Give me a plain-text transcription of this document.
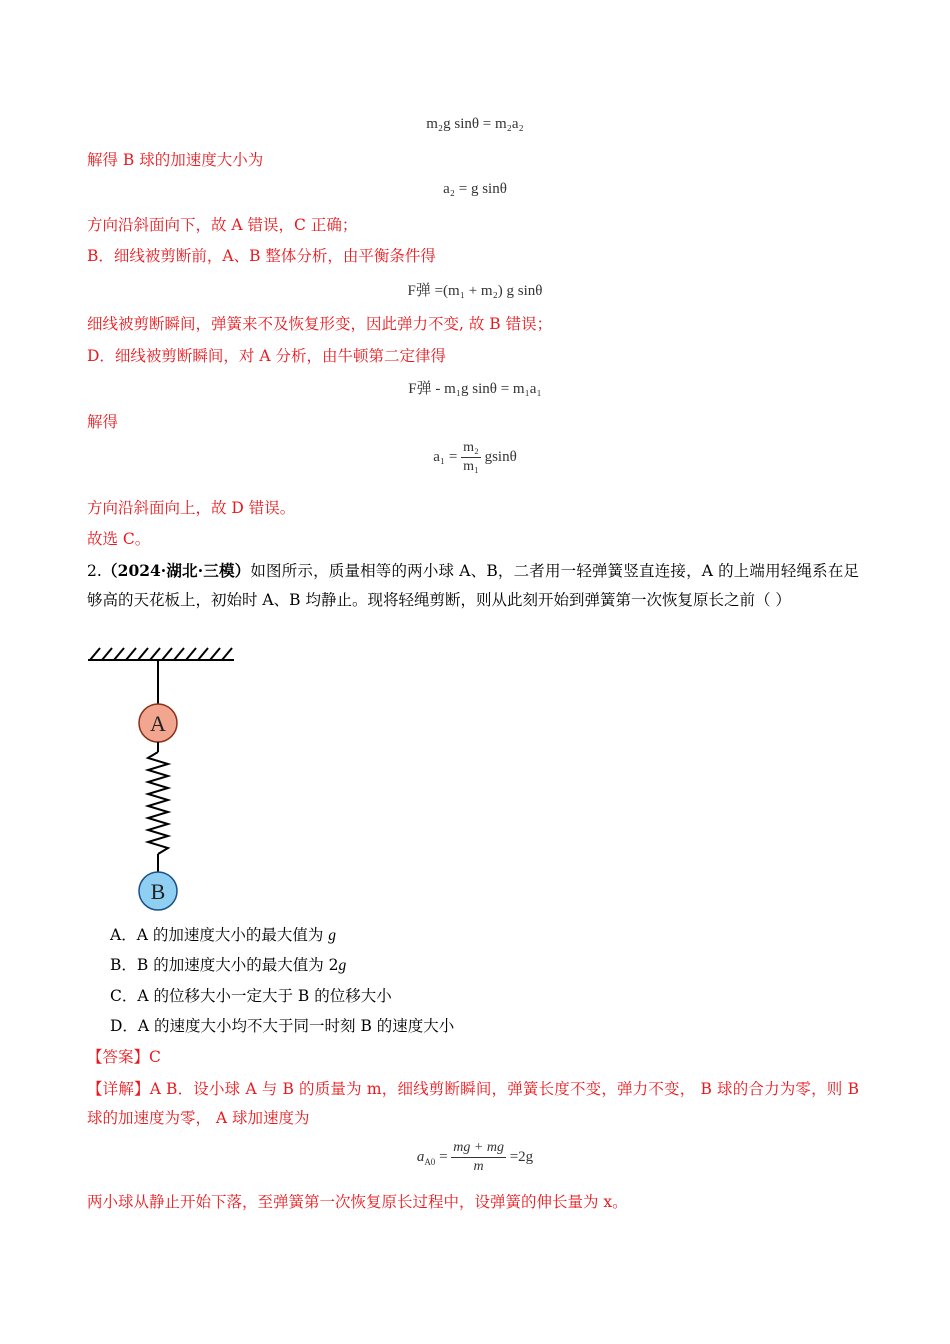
m₂g sinθ = m₂a₂
解得 B 球的加速度大小为
a₂ = g sinθ
方向沿斜面向下，故 A 错误，C 正确；
B．细线被剪断前，A、B 整体分析，由平衡条件得
F弹 =(m₁ + m₂) g sinθ
细线被剪断瞬间，弹簧来不及恢复形变，因此弹力不变, 故 B 错误；
D．细线被剪断瞬间，对 A 分析，由牛顿第二定律得
F弹 - m₁g sinθ = m₁a₁
解得
$a_1 = \frac{\text{m₂}}{\text{m₁}}$ gsinθ
方向沿斜面向上，故 D 错误。
故选 C。
2.（2024·湖北·三模）如图所示，质量相等的两小球 A、B，二者用一轻弹簧竖直连接，A 的上端用轻绳系在足够高的天花板上，初始时 A、B 均静止。现将轻绳剪断，则从此刻开始到弹簧第一次恢复原长之前（ ）
A
B
A．A 的加速度大小的最大值为 g
B．B 的加速度大小的最大值为 2g
C．A 的位移大小一定大于 B 的位移大小
D．A 的速度大小均不大于同一时刻 B 的速度大小
【答案】C
【详解】A B．设小球 A 与 B 的质量为 m，细线剪断瞬间，弹簧长度不变，弹力不变， B 球的合力为零，则 B 球的加速度为零， A 球加速度为
$a_{A0} = \frac{mg + mg}{m} =2g$
两小球从静止开始下落，至弹簧第一次恢复原长过程中，设弹簧的伸长量为 x。
